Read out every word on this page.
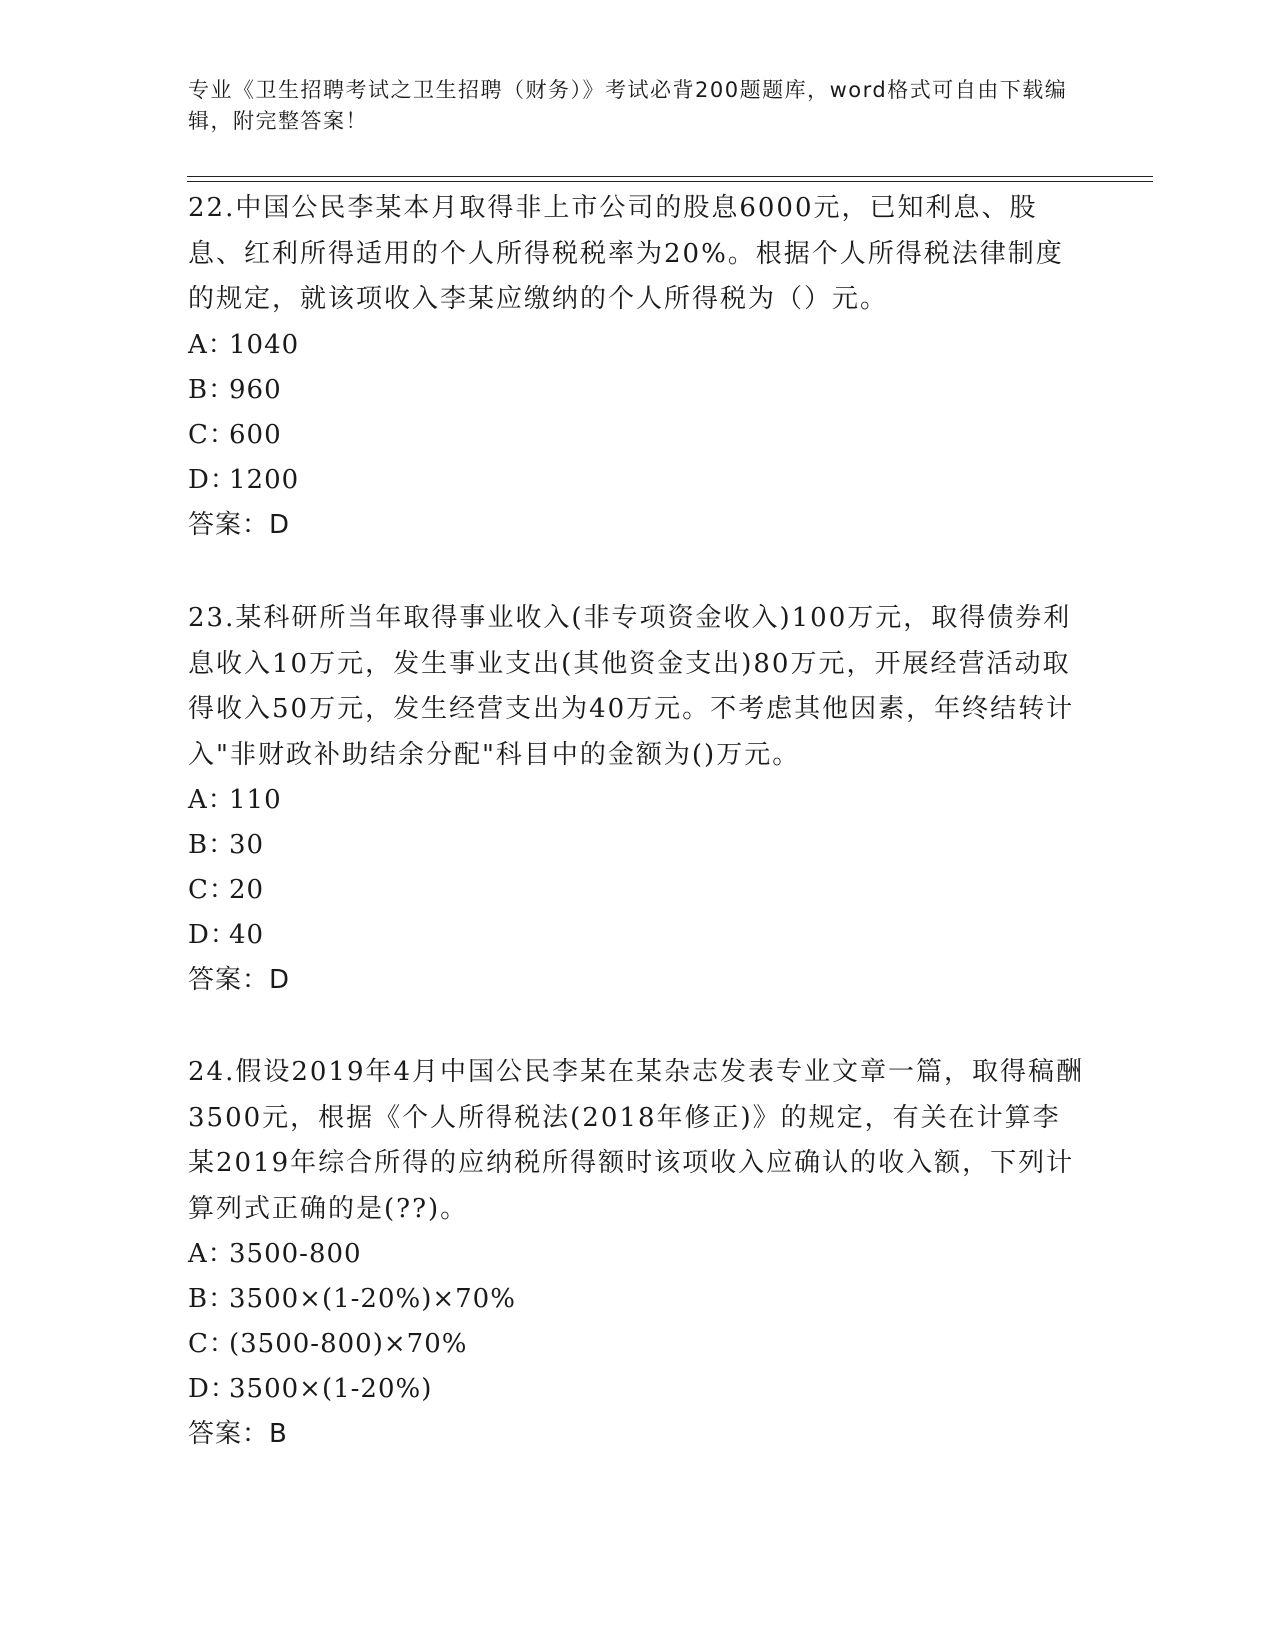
专业《卫生招聘考试之卫生招聘（财务）》考试必背200题题库，word格式可自由下载编辑，附完整答案！

22.中国公民李某本月取得非上市公司的股息6000元，已知利息、股息、红利所得适用的个人所得税税率为20%。根据个人所得税法律制度的规定，就该项收入李某应缴纳的个人所得税为（）元。

A：1040

B：960

C：600

D：1200

答案：D

23.某科研所当年取得事业收入(非专项资金收入)100万元，取得债券利息收入10万元，发生事业支出(其他资金支出)80万元，开展经营活动取得收入50万元，发生经营支出为40万元。不考虑其他因素，年终结转计入"非财政补助结余分配"科目中的金额为()万元。

A：110

B：30

C：20

D：40

答案：D

24.假设2019年4月中国公民李某在某杂志发表专业文章一篇，取得稿酬3500元，根据《个人所得税法(2018年修正)》的规定，有关在计算李某2019年综合所得的应纳税所得额时该项收入应确认的收入额，下列计算列式正确的是(??)。

A：3500-800

B：3500×(1-20%)×70%

C：(3500-800)×70%

D：3500×(1-20%)

答案：B
